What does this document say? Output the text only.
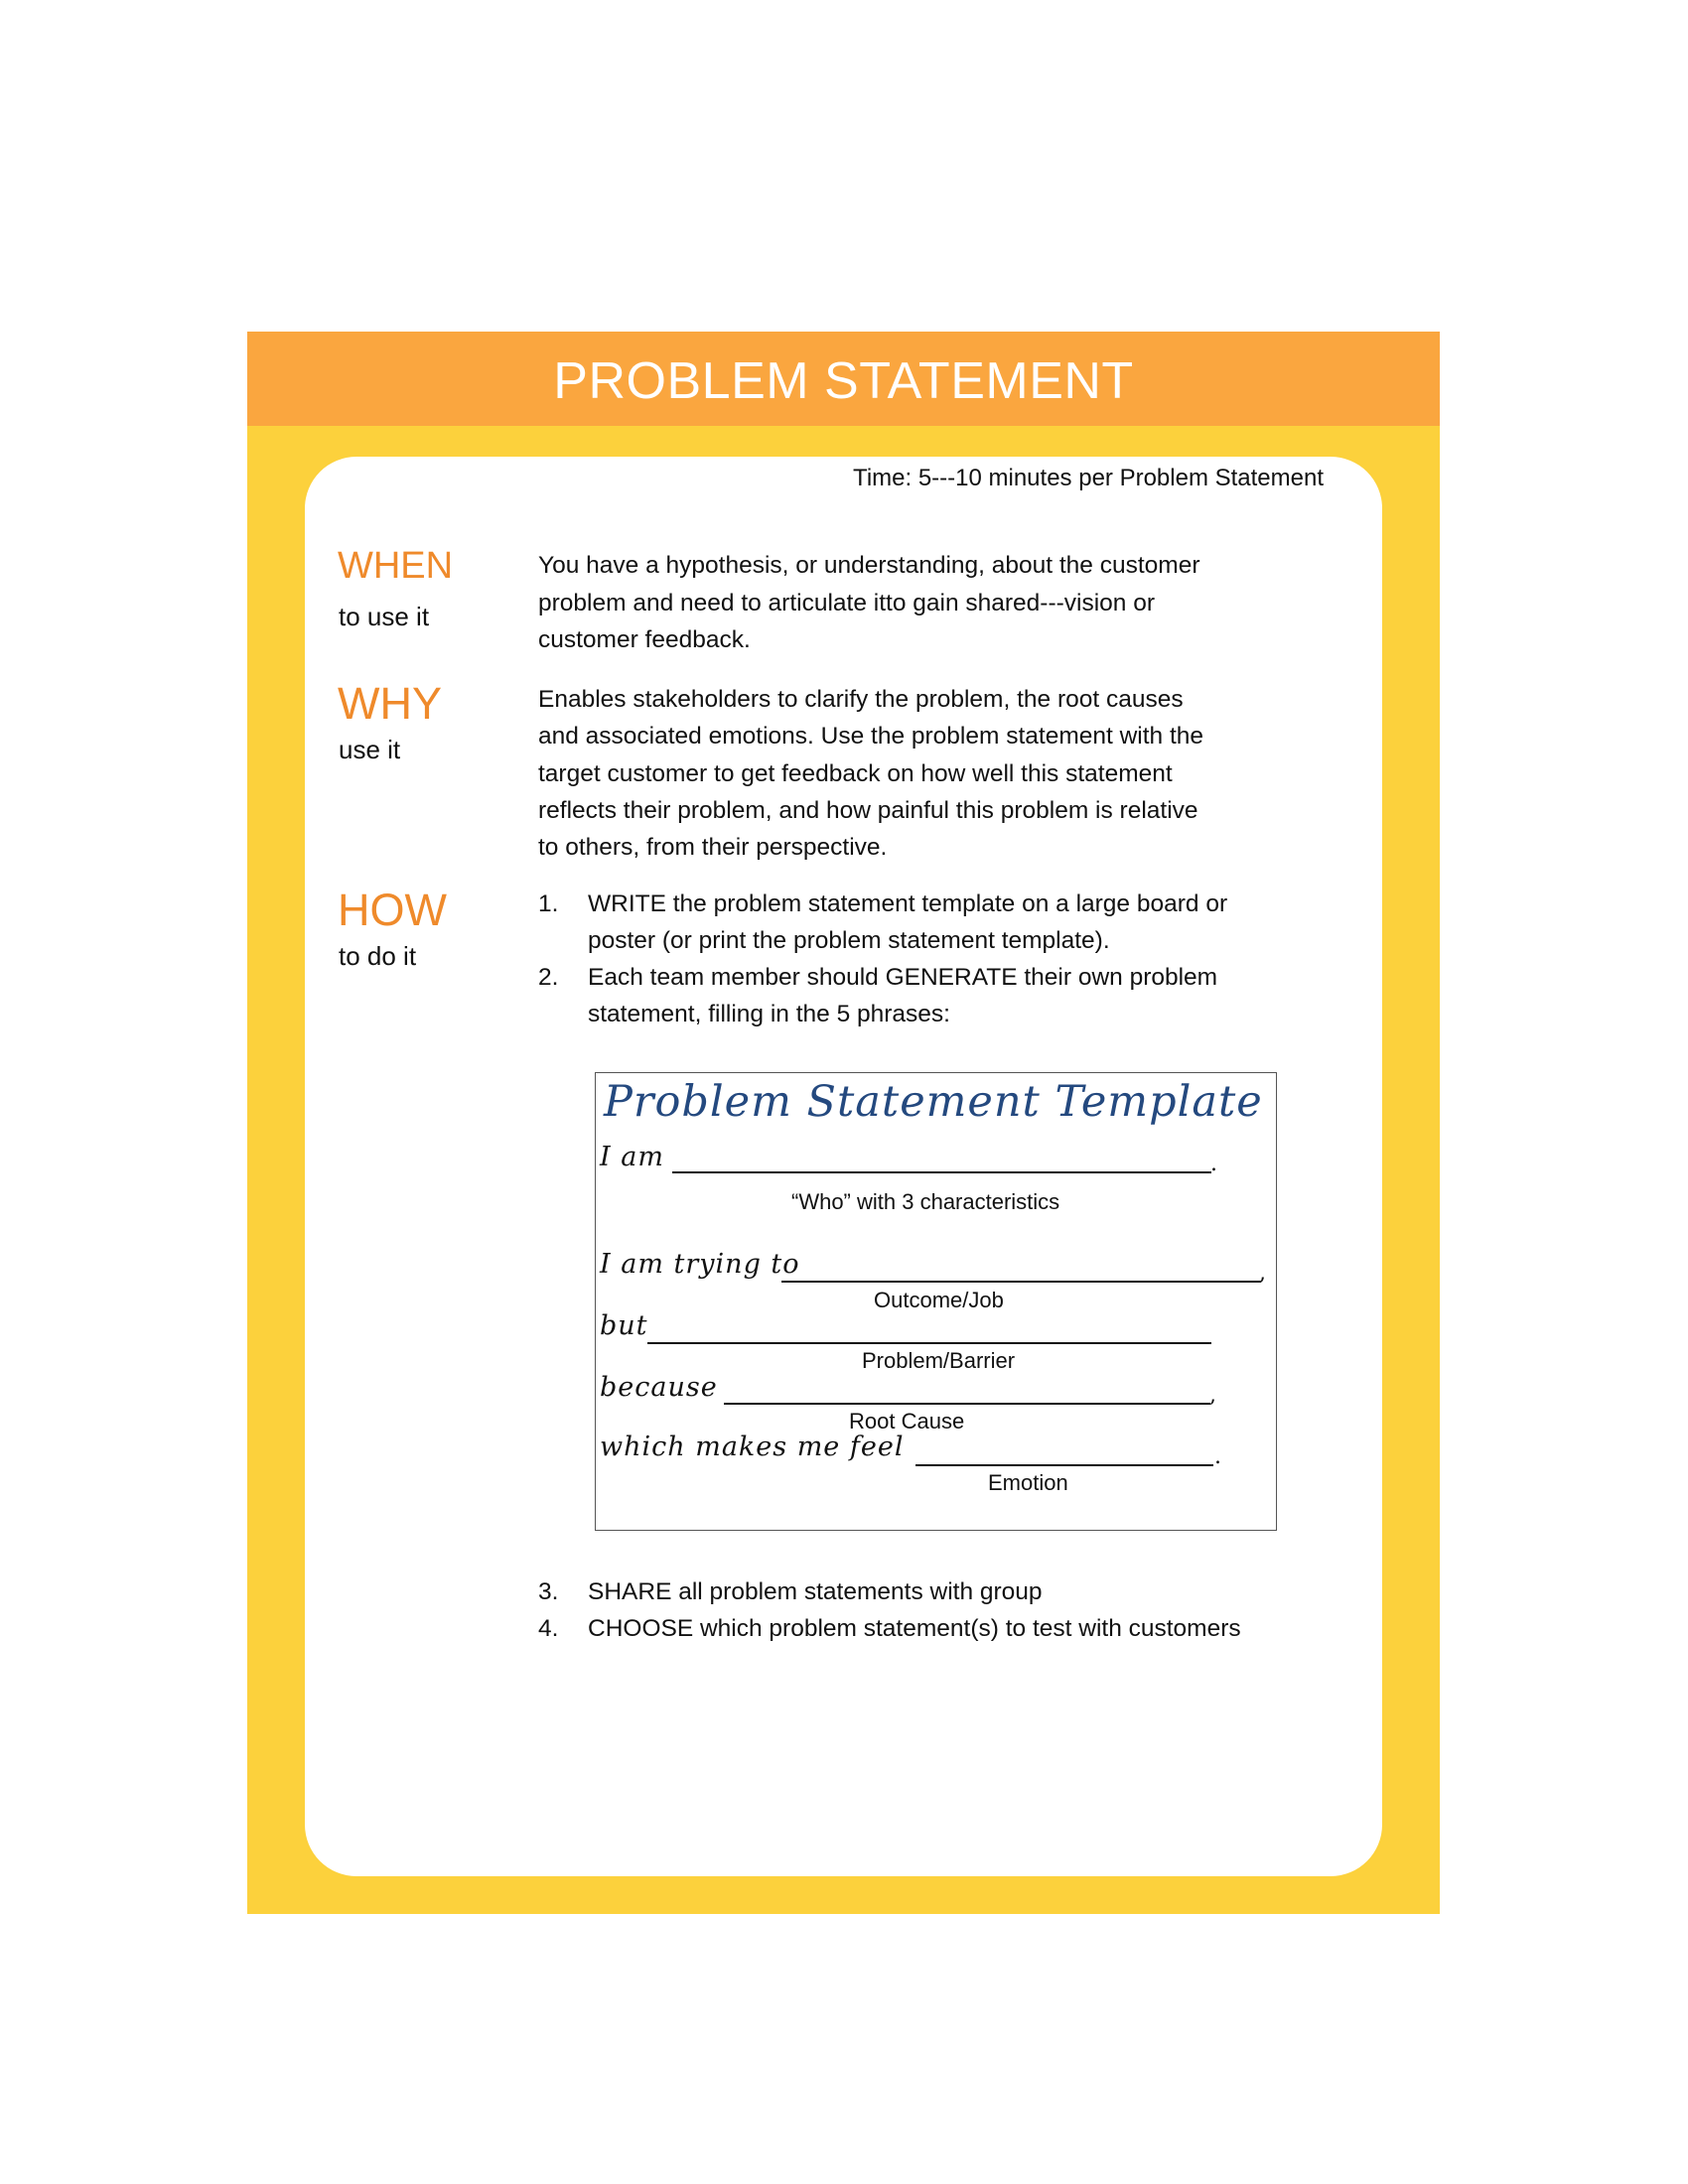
PROBLEM STATEMENT
Time: 5---10 minutes per Problem Statement
WHEN
to use it
You have a hypothesis, or understanding, about the customer
problem and need to articulate itto gain shared---vision or
customer feedback.
WHY
use it
Enables stakeholders to clarify the problem, the root causes
and associated emotions. Use the problem statement with the
target customer to get feedback on how well this statement
reflects their problem, and how painful this problem is relative
to others, from their perspective.
HOW
to do it
1. WRITE the problem statement template on a large board or
poster (or print the problem statement template).
2. Each team member should GENERATE their own problem
statement, filling in the 5 phrases:
Problem Statement Template
I am	.
“Who” with 3 characteristics
I am trying to	,
Outcome/Job
but
Problem/Barrier
because	,
Root Cause
which makes me feel	.
Emotion
3. SHARE all problem statements with group
4. CHOOSE which problem statement(s) to test with customers
